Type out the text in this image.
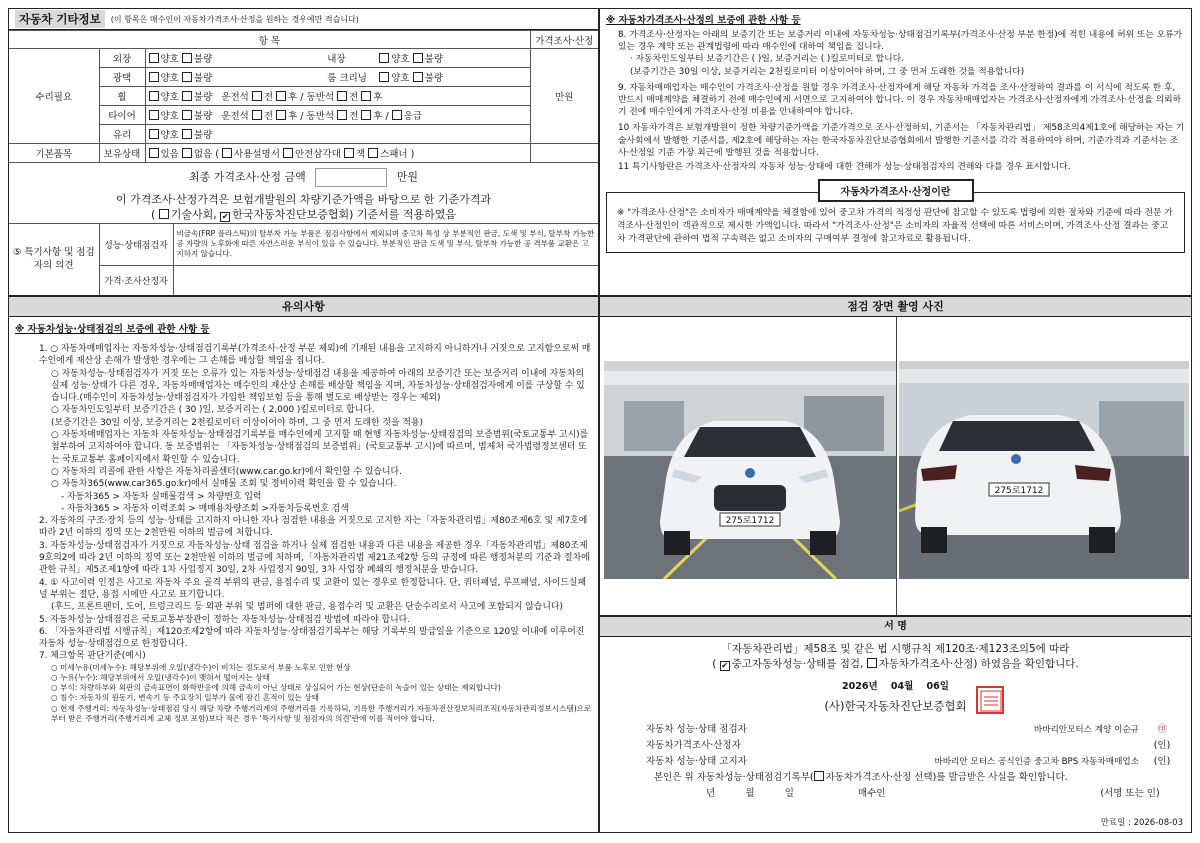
자동차 기타정보	(이 항목은 매수인이 자동차가격조사·산정을 원하는 경우에만 적습니다)
항 목			가격조사·산정
수리필요	외장	양호 불량 내장 양호 불량	만원
	광택	양호 불량 룸 크리닝 양호 불량	
	휠	양호 불량 운전석 전 후 / 동반석 전 후	
	타이어	양호 불량 운전석 전 후 / 동반석 전 후 / 응급	
	유리	양호 불량	
기본품목	보유상태	있음 없음 ( 사용설명서 안전삼각대 잭 스패너 )	
최종 가격조사·산정 금액	만원
이 가격조사·산정가격은 보험개발원의 차량기준가액을 바탕으로 한 기준가격과
( 기술사회, ✔한국자동차진단보증협회) 기준서를 적용하였음
⑤ 특기사항 및 점검자의 의견	성능·상태점검자	비금속(FRP 플라스틱)의 탈부착 가능 부품은 점검사항에서 제외되며 중고차 특성 상 부분적인 판금, 도색 및 부식, 탈부착 가능한 공 자량의 노후화에 따른 자연스러운 부식이 있을 수 있습니다. 부분적인 판금 도색 및 부식, 탈부착 가능한 공 격부품 교환은 고지하지 않습니다.
	가격·조사산정자	
※ 자동차가격조사·산정의 보증에 관한 사항 등

8. 가격조사·산정자는 아래의 보증기간 또는 보증거리 이내에 자동차성능·상태점검기록부(가격조사·산정 부분 한정)에 적힌 내용에 허위 또는 오류가 있는 경우 계약 또는 관계법령에 따라 매수인에 대하여 책임을 집니다.

· 자동차인도일부터 보증기간은 ( )일, 보증거리는 ( )킬로미터로 합니다.

(보증기간은 30일 이상, 보증거리는 2천킬로미터 이상이어야 하며, 그 중 먼저 도래한 것을 적용합니다)

9. 자동차매매업자는 매수인이 가격조사·산정을 원할 경우 가격조사·산정자에게 해당 자동차 가격을 조사·산정하여 결과를 이 서식에 적도록 한 후, 반드시 매매계약을 체결하기 전에 매수인에게 서면으로 고지하여야 합니다. 이 경우 자동차매매업자는 가격조사·산정자에게 가격조사·산정을 의뢰하기 전에 매수인에게 가격조사·산정 비용을 안내하여야 합니다.

10 자동차가격은 보험개발원이 정한 차량기준가액을 기준가격으로 조사·산정하되, 기준서는 「자동차관리법」 제58조의4제1호에 해당하는 자는 기술사회에서 발행한 기준서를, 제2호에 해당하는 자는 한국자동차진단보증협회에서 발행한 기준서를 각각 적용하여야 하며, 기준가격과 기준서는 조사·산정일 기준 가장 최근에 발행된 것을 적용합니다.

11 특기사항란은 가격조사·산정자의 자동차 성능·상태에 대한 견해가 성능·상태점검자의 견해와 다를 경우 표시합니다.

자동차가격조사·산정이란
※ "가격조사·산정"은 소비자가 매매계약을 체결함에 있어 중고차 가격의 적정성 판단에 참고할 수 있도록 법령에 의한 절차와 기준에 따라 전문 가격조사·산정인이 객관적으로 제시한 가액입니다. 따라서 "가격조사·산정"은 소비자의 자율적 선택에 따른 서비스이며, 가격조사·산정 결과는 중고차 가격판단에 관하여 법적 구속력은 없고 소비자의 구매여부 결정에 참고자료로 활용됩니다.
유의사항
※ 자동차성능·상태점검의 보증에 관한 사항 등

1. ○ 자동차매매업자는 자동차성능·상태점검기록부(가격조사·산정 부분 제외)에 기재된 내용을 고지하지 아니하거나 거짓으로 고지함으로써 매수인에게 재산상 손해가 발생한 경우에는 그 손해를 배상할 책임을 집니다.

○ 자동차성능·상태점검자가 거짓 또는 오류가 있는 자동차성능·상태점검 내용을 제공하여 아래의 보증기간 또는 보증거리 이내에 자동차의 실제 성능·상태가 다른 경우, 자동차매매업자는 매수인의 재산상 손해를 배상할 책임을 지며, 자동차성능·상태점검자에게 이를 구상할 수 있습니다.(매수인이 자동차성능·상태점검자가 가입한 책임보험 등을 통해 별도로 배상받는 경우는 제외)

○ 자동차인도일부터 보증기간은 ( 30 )일, 보증거리는 ( 2,000 )킬로미터로 합니다.

(보증기간은 30일 이상, 보증거리는 2천킬로미터 이상이어야 하며, 그 중 먼저 도래한 것을 적용)

○ 자동차매매업자는 자동차 자동차성능·상태점검기록부를 매수인에게 고지할 때 현행 자동차성능·상태점검의 보증범위(국토교통부 고시)를 첨부하여 고지하여야 합니다. 동 보증범위는 「자동차성능·상태점검의 보증범위」(국토교통부 고시)에 따르며, 범제처 국가법령정보센터 또는 국토교통부 홈페이지에서 확인할 수 있습니다.

○ 자동차의 리콜에 관한 사항은 자동차리콜센터(www.car.go.kr)에서 확인할 수 있습니다.

○ 자동차365(www.car365.go.kr)에서 실매물 조회 및 정비이력 확인을 할 수 있습니다.

- 자동차365 > 자동차 실매물검색 > 차량번호 입력

- 자동차365 > 자동차 이력조회 > 매매용차량조회 >자동차등록번호 검색

2. 자동차의 구조·장치 등의 성능·상태를 고지하지 아니한 자나 점검한 내용을 거짓으로 고지한 자는「자동차관리법」제80조제6호 및 제7호에 따라 2년 이하의 징역 또는 2천만원 이하의 벌금에 처합니다.

3. 자동차성능·상태점검자가 거짓으로 자동차성능·상태 점검을 하거나 실제 점검한 내용과 다른 내용을 제공한 경우「자동차관리법」제80조제9호의2에 따라 2년 이하의 징역 또는 2천만원 이하의 벌금에 처하며,「자동차관리법 제21조제2항 등의 규정에 따른 행정처분의 기준과 절차에 관한 규칙」제5조제1항에 따라 1차 사업정지 30일, 2차 사업정지 90일, 3차 사업장 폐쇄의 행정처분을 받습니다.

4. ① 사고이력 인정은 사고로 자동차 주요 골격 부위의 판금, 용접수리 및 교환이 있는 경우로 한정합니다. 단, 쿼터패널, 루프패널, 사이드실패널 부위는 절단, 용접 시에만 사고로 표기합니다.

(후드, 프론트펜더, 도어, 트렁크리드 등 외판 부위 및 범퍼에 대한 판금, 용접수리 및 교환은 단순수리로서 사고에 포함되지 않습니다)

5. 자동차성능·상태점검은 국토교통부장관이 정하는 자동차성능·상태점검 방법에 따라야 합니다.

6. 「자동차관리법 시행규칙」제120조제2항에 따라 자동차성능·상태점검기록부는 해당 기록부의 발급일을 기준으로 120일 이내에 이루어진 자동차 성능·상태점검으로 한정합니다.

7. 체크항목 판단기준(예시)

○ 미세누유(미세누수): 해당부위에 오일(냉각수)이 비치는 정도로서 부품 노후로 인한 현상

○ 누유(누수): 해당부위에서 오일(냉각수)이 맺혀서 떨어지는 상태

○ 부식: 차량하부와 외판의 금속표면이 화학반응에 의해 금속이 아닌 상태로 상실되어 가는 현상(단순히 녹슬어 있는 상태는 제외합니다)

○ 침수: 자동차의 원동기, 변속기 등 주요장치 일부가 물에 잠긴 흔적이 있는 상태

○ 현재 주행거리: 자동차성능·상태점검 당시 해당 차량 주행거리계의 주행거리를 기록하되, 기록한 주행거리가 자동차전산정보처리조직(자동차관리정보시스템)으로부터 받은 주행거리(주행거리계 교체 정보 포함)보다 적은 경우 '특기사항 및 점검자의 의견'란에 이를 적어야 합니다.

점검 장면 촬영 사진
275로1712
275로1712
서 명
「자동차관리법」제58조 및 같은 법 시행규칙 제120조·제123조의5에 따라
( ✔중고자동차성능·상태를 점검, 자동차가격조사·산정) 하였음을 확인합니다.
2026년 04월 06일
(사)한국자동차진단보증협회
자동차 성능·상태 점검자	바바리안모터스 계양 이순규	㊞
자동차가격조사·산정자	(인)
자동차 성능·상태 고지자	바바리안 모터스 공식인증 중고차 BPS 자동차매매업소	(인)
본인은 위 자동차성능·상태점검기록부( 자동차가격조사·산정 선택)를 발급받은 사실을 확인합니다.
년          월          일	매수인	(서명 또는 인)
만료일 : 2026-08-03
